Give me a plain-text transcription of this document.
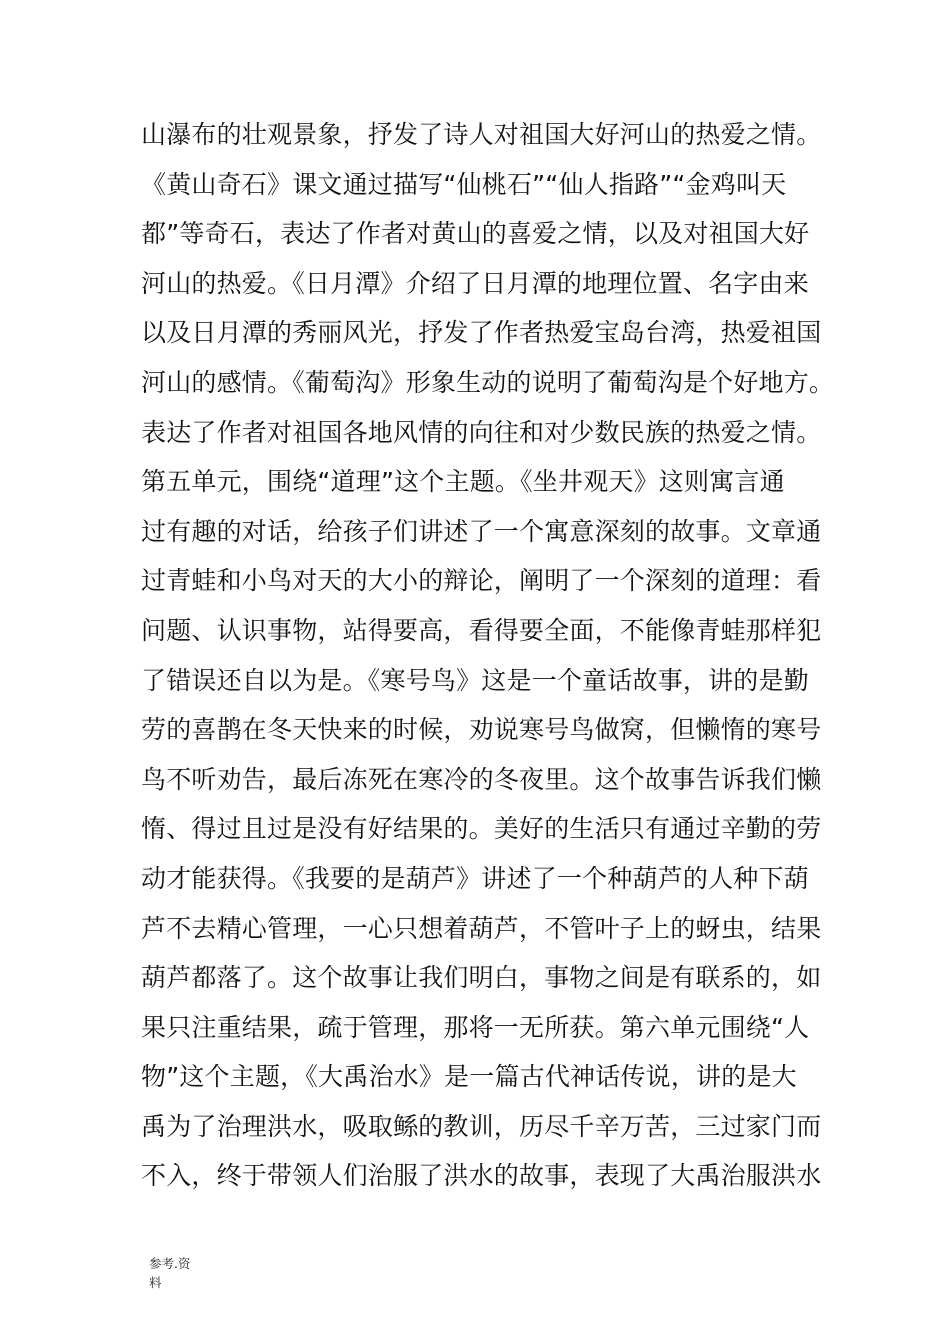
山瀑布的壮观景象，抒发了诗人对祖国大好河山的热爱之情。
《黄山奇石》课文通过描写“仙桃石”“仙人指路”“金鸡叫天
都”等奇石，表达了作者对黄山的喜爱之情，以及对祖国大好
河山的热爱。《日月潭》介绍了日月潭的地理位置、名字由来
以及日月潭的秀丽风光，抒发了作者热爱宝岛台湾，热爱祖国
河山的感情。《葡萄沟》形象生动的说明了葡萄沟是个好地方。
表达了作者对祖国各地风情的向往和对少数民族的热爱之情。
第五单元，围绕“道理”这个主题。《坐井观天》这则寓言通
过有趣的对话，给孩子们讲述了一个寓意深刻的故事。文章通
过青蛙和小鸟对天的大小的辩论，阐明了一个深刻的道理：看
问题、认识事物，站得要高，看得要全面，不能像青蛙那样犯
了错误还自以为是。《寒号鸟》这是一个童话故事，讲的是勤
劳的喜鹊在冬天快来的时候，劝说寒号鸟做窝，但懒惰的寒号
鸟不听劝告，最后冻死在寒冷的冬夜里。这个故事告诉我们懒
惰、得过且过是没有好结果的。美好的生活只有通过辛勤的劳
动才能获得。《我要的是葫芦》讲述了一个种葫芦的人种下葫
芦不去精心管理，一心只想着葫芦，不管叶子上的蚜虫，结果
葫芦都落了。这个故事让我们明白，事物之间是有联系的，如
果只注重结果，疏于管理，那将一无所获。第六单元围绕“人
物”这个主题，《大禹治水》是一篇古代神话传说，讲的是大
禹为了治理洪水，吸取鲧的教训，历尽千辛万苦，三过家门而
不入，终于带领人们治服了洪水的故事，表现了大禹治服洪水
参考.资
料
